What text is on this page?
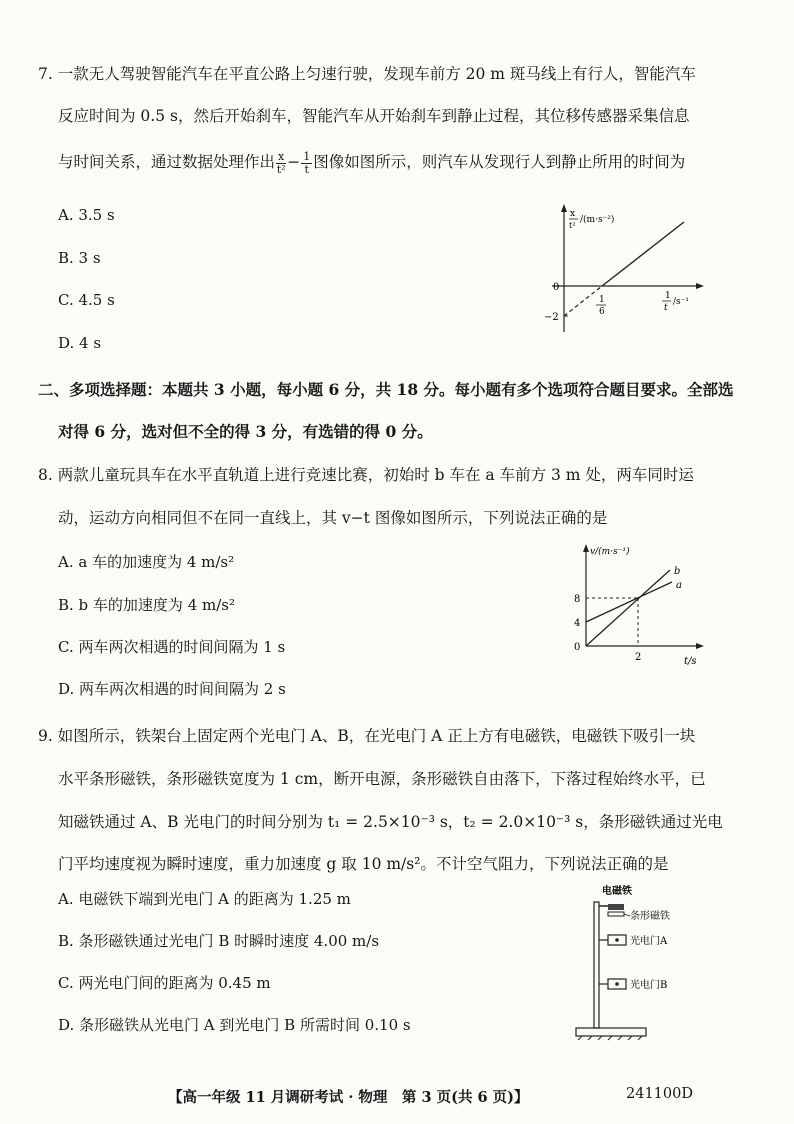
7. 一款无人驾驶智能汽车在平直公路上匀速行驶，发现车前方 20 m 斑马线上有行人，智能汽车
反应时间为 0.5 s，然后开始刹车，智能汽车从开始刹车到静止过程，其位移传感器采集信息
与时间关系，通过数据处理作出 $\frac{x}{\text{t²}} - \frac{1}{t}$ 图像如图所示，则汽车从发现行人到静止所用的时间为
A. 3.5 s
B. 3 s
C. 4.5 s
D. 4 s
x
t²
/(m·s⁻²)
0
−2
1
6
1
t
/s⁻¹
二、多项选择题：本题共 3 小题，每小题 6 分，共 18 分。每小题有多个选项符合题目要求。全部选
对得 6 分，选对但不全的得 3 分，有选错的得 0 分。
8. 两款儿童玩具车在水平直轨道上进行竞速比赛，初始时 b 车在 a 车前方 3 m 处，两车同时运
动，运动方向相同但不在同一直线上，其 v−t 图像如图所示，下列说法正确的是
A. a 车的加速度为 4 m/s²
B. b 车的加速度为 4 m/s²
C. 两车两次相遇的时间间隔为 1 s
D. 两车两次相遇的时间间隔为 2 s
v/(m·s⁻¹)
t/s
8
4
0
2
b
a
9. 如图所示，铁架台上固定两个光电门 A、B，在光电门 A 正上方有电磁铁，电磁铁下吸引一块
水平条形磁铁，条形磁铁宽度为 1 cm，断开电源，条形磁铁自由落下，下落过程始终水平，已
知磁铁通过 A、B 光电门的时间分别为 t₁ = 2.5×10⁻³ s，t₂ = 2.0×10⁻³ s，条形磁铁通过光电
门平均速度视为瞬时速度，重力加速度 g 取 10 m/s²。不计空气阻力，下列说法正确的是
A. 电磁铁下端到光电门 A 的距离为 1.25 m
B. 条形磁铁通过光电门 B 时瞬时速度 4.00 m/s
C. 两光电门间的距离为 0.45 m
D. 条形磁铁从光电门 A 到光电门 B 所需时间 0.10 s
电磁铁
条形磁铁
光电门A
光电门B
【高一年级 11 月调研考试 · 物理　第 3 页(共 6 页)】	241100D
